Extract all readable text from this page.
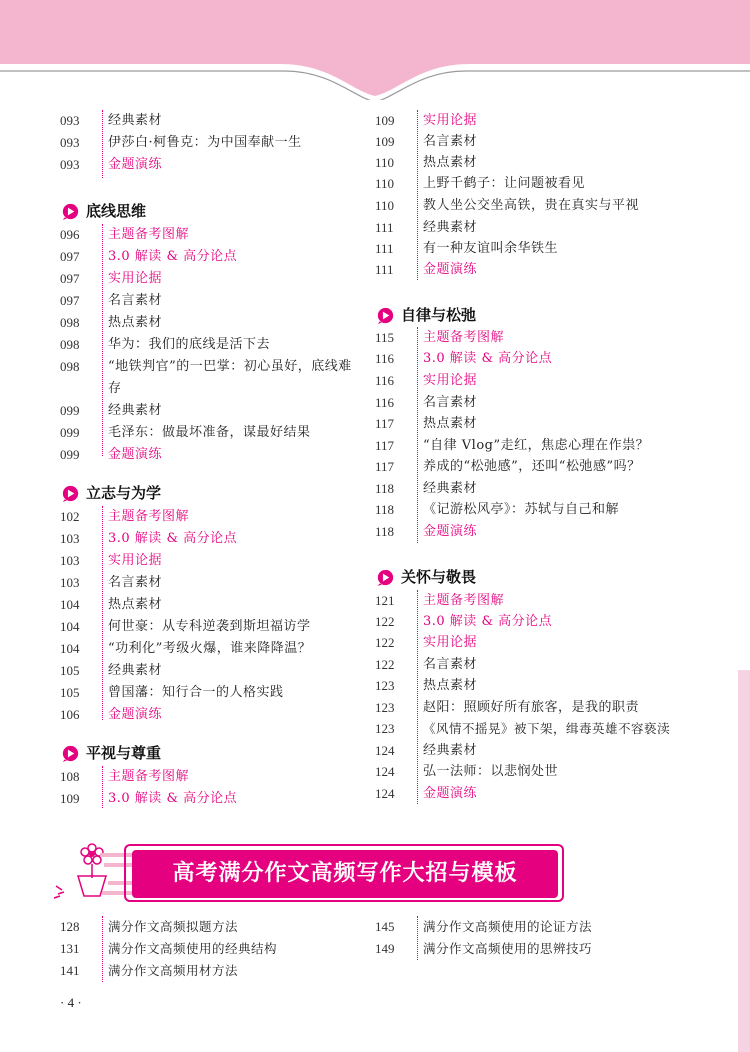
093	经典素材
093	伊莎白·柯鲁克：为中国奉献一生
093	金题演练
底线思维
096	主题备考图解
097	3.0 解读 & 高分论点
097	实用论据
097	名言素材
098	热点素材
098	华为：我们的底线是活下去
098	“地铁判官”的一巴掌：初心虽好，底线难存
099	经典素材
099	毛泽东：做最坏准备，谋最好结果
099	金题演练
立志与为学
102	主题备考图解
103	3.0 解读 & 高分论点
103	实用论据
103	名言素材
104	热点素材
104	何世豪：从专科逆袭到斯坦福访学
104	“功利化”考级火爆，谁来降降温？
105	经典素材
105	曾国藩：知行合一的人格实践
106	金题演练
平视与尊重
108	主题备考图解
109	3.0 解读 & 高分论点
109	实用论据
109	名言素材
110	热点素材
110	上野千鹤子：让问题被看见
110	教人坐公交坐高铁，贵在真实与平视
111	经典素材
111	有一种友谊叫余华铁生
111	金题演练
自律与松弛
115	主题备考图解
116	3.0 解读 & 高分论点
116	实用论据
116	名言素材
117	热点素材
117	“自律 Vlog”走红，焦虑心理在作祟？
117	养成的“松弛感”，还叫“松弛感”吗？
118	经典素材
118	《记游松风亭》：苏轼与自己和解
118	金题演练
关怀与敬畏
121	主题备考图解
122	3.0 解读 & 高分论点
122	实用论据
122	名言素材
123	热点素材
123	赵阳：照顾好所有旅客，是我的职责
123	《风情不摇晃》被下架，缉毒英雄不容亵渎
124	经典素材
124	弘一法师：以悲悯处世
124	金题演练
高考满分作文高频写作大招与模板
128	满分作文高频拟题方法
131	满分作文高频使用的经典结构
141	满分作文高频用材方法
145	满分作文高频使用的论证方法
149	满分作文高频使用的思辨技巧
· 4 ·
